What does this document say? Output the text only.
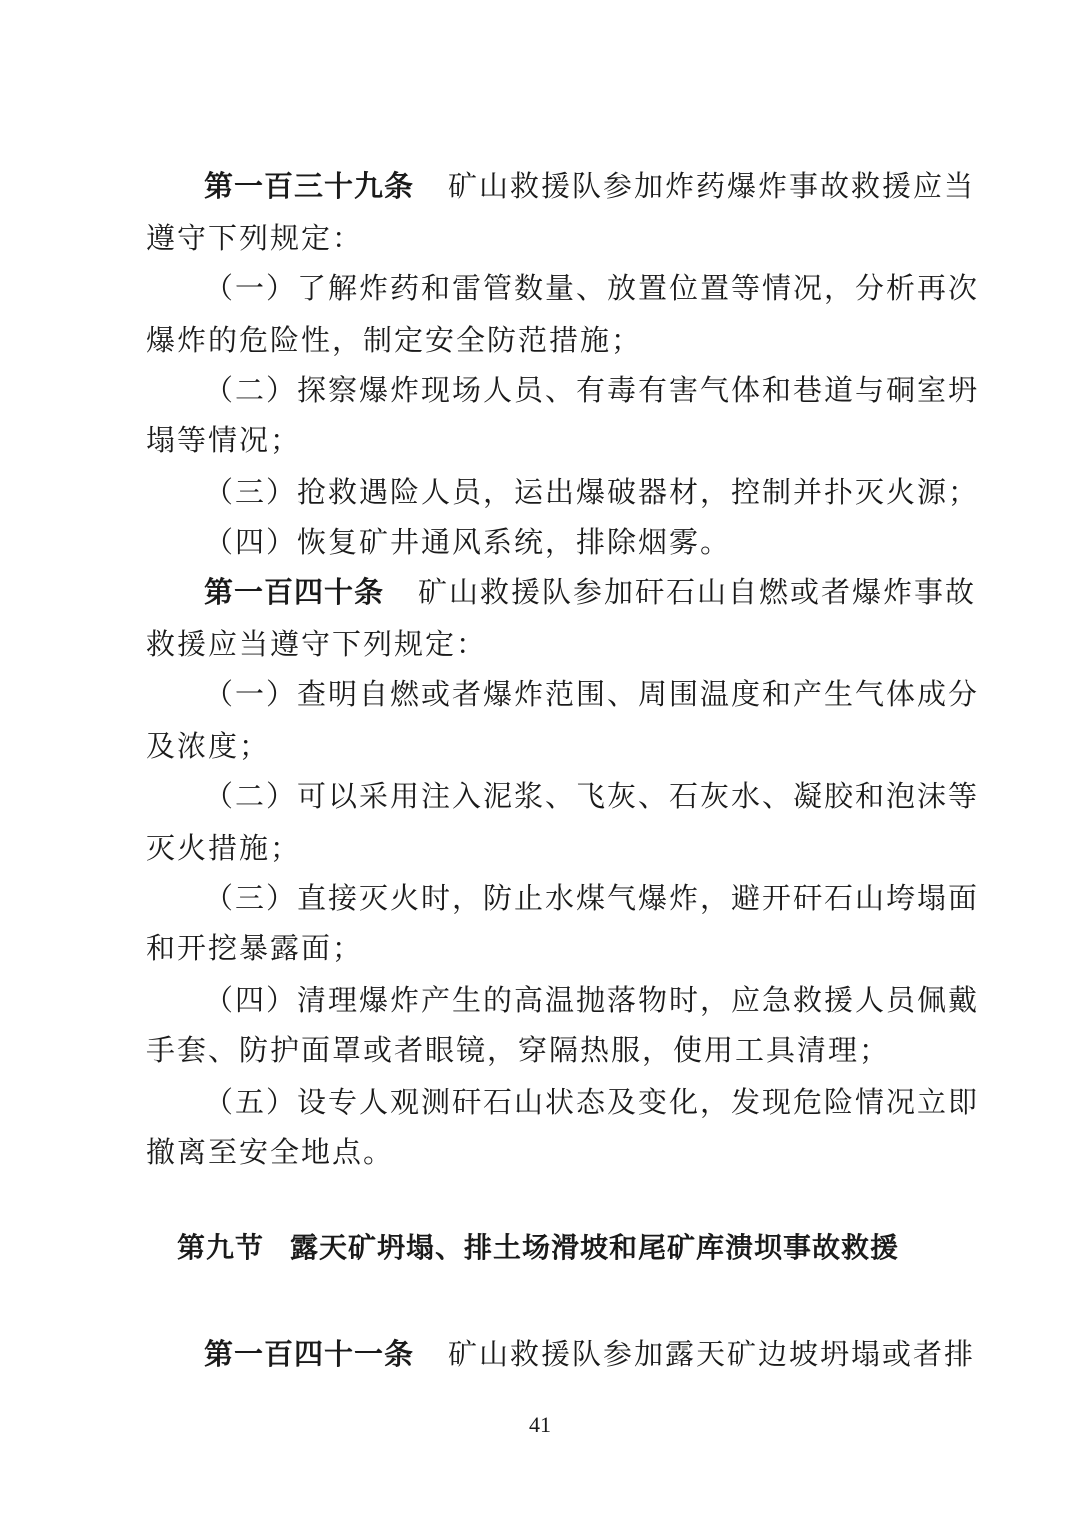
第一百三十九条 矿山救援队参加炸药爆炸事故救援应当
遵守下列规定：
（一）了解炸药和雷管数量、放置位置等情况，分析再次
爆炸的危险性，制定安全防范措施；
（二）探察爆炸现场人员、有毒有害气体和巷道与硐室坍
塌等情况；
（三）抢救遇险人员，运出爆破器材，控制并扑灭火源；
（四）恢复矿井通风系统，排除烟雾。
第一百四十条 矿山救援队参加矸石山自燃或者爆炸事故
救援应当遵守下列规定：
（一）查明自燃或者爆炸范围、周围温度和产生气体成分
及浓度；
（二）可以采用注入泥浆、飞灰、石灰水、凝胶和泡沫等
灭火措施；
（三）直接灭火时，防止水煤气爆炸，避开矸石山垮塌面
和开挖暴露面；
（四）清理爆炸产生的高温抛落物时，应急救援人员佩戴
手套、防护面罩或者眼镜，穿隔热服，使用工具清理；
（五）设专人观测矸石山状态及变化，发现危险情况立即
撤离至安全地点。
第九节 露天矿坍塌、排土场滑坡和尾矿库溃坝事故救援
第一百四十一条 矿山救援队参加露天矿边坡坍塌或者排
41
